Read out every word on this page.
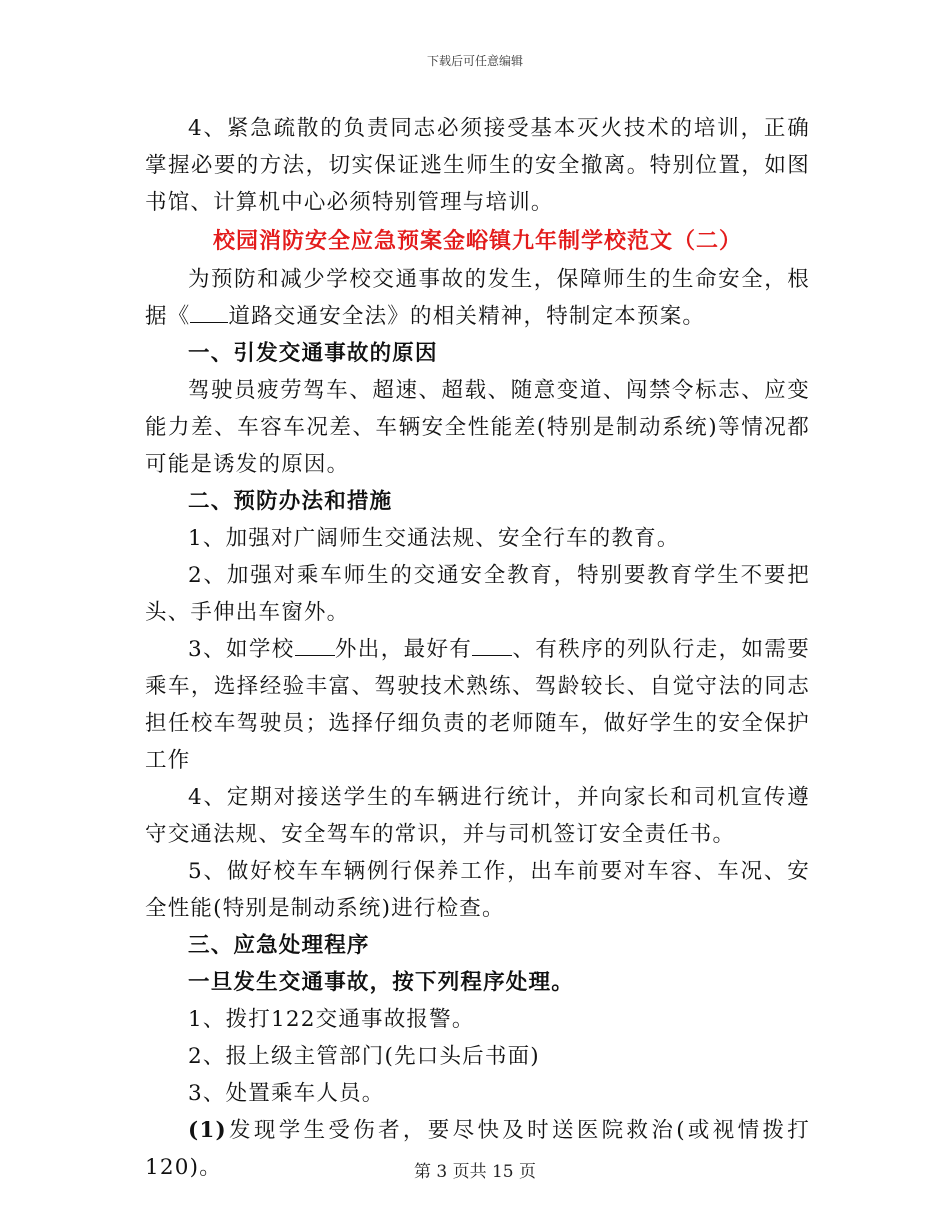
下载后可任意编辑

4、紧急疏散的负责同志必须接受基本灭火技术的培训，正确掌握必要的方法，切实保证逃生师生的安全撤离。特别位置，如图书馆、计算机中心必须特别管理与培训。

校园消防安全应急预案金峪镇九年制学校范文（二）

为预防和减少学校交通事故的发生，保障师生的生命安全，根据《 道路交通安全法》的相关精神，特制定本预案。

一、引发交通事故的原因

驾驶员疲劳驾车、超速、超载、随意变道、闯禁令标志、应变能力差、车容车况差、车辆安全性能差(特别是制动系统)等情况都可能是诱发的原因。

二、预防办法和措施

1、加强对广阔师生交通法规、安全行车的教育。

2、加强对乘车师生的交通安全教育，特别要教育学生不要把头、手伸出车窗外。

3、如学校 外出，最好有 、有秩序的列队行走，如需要乘车，选择经验丰富、驾驶技术熟练、驾龄较长、自觉守法的同志担任校车驾驶员；选择仔细负责的老师随车，做好学生的安全保护工作

4、定期对接送学生的车辆进行统计，并向家长和司机宣传遵守交通法规、安全驾车的常识，并与司机签订安全责任书。

5、做好校车车辆例行保养工作，出车前要对车容、车况、安全性能(特别是制动系统)进行检查。

三、应急处理程序

一旦发生交通事故，按下列程序处理。

1、拨打122交通事故报警。

2、报上级主管部门(先口头后书面)

3、处置乘车人员。

(1)发现学生受伤者，要尽快及时送医院救治(或视情拨打120)。	第 3 页共 15 页
